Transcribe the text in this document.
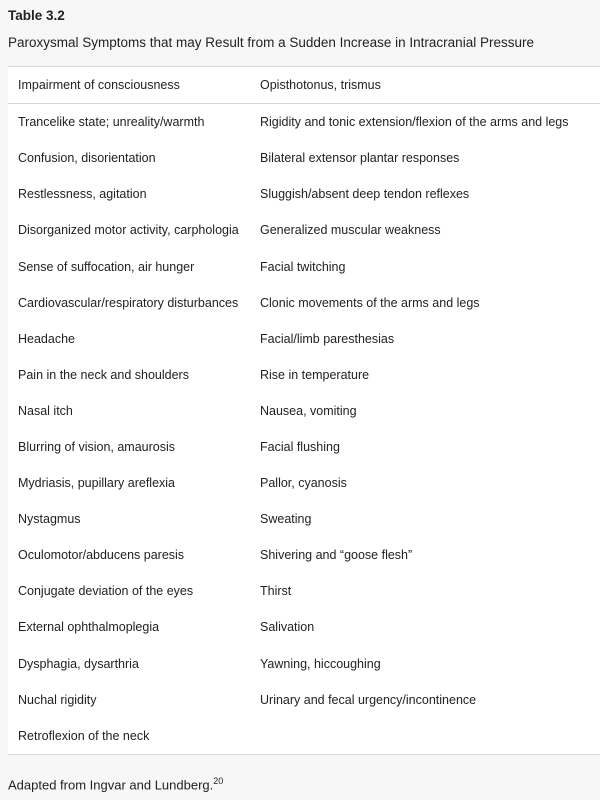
Table 3.2
Paroxysmal Symptoms that may Result from a Sudden Increase in Intracranial Pressure
Impairment of consciousness	Opisthotonus, trismus
Trancelike state; unreality/warmth	Rigidity and tonic extension/flexion of the arms and legs
Confusion, disorientation	Bilateral extensor plantar responses
Restlessness, agitation	Sluggish/absent deep tendon reflexes
Disorganized motor activity, carphologia	Generalized muscular weakness
Sense of suffocation, air hunger	Facial twitching
Cardiovascular/respiratory disturbances	Clonic movements of the arms and legs
Headache	Facial/limb paresthesias
Pain in the neck and shoulders	Rise in temperature
Nasal itch	Nausea, vomiting
Blurring of vision, amaurosis	Facial flushing
Mydriasis, pupillary areflexia	Pallor, cyanosis
Nystagmus	Sweating
Oculomotor/abducens paresis	Shivering and “goose flesh”
Conjugate deviation of the eyes	Thirst
External ophthalmoplegia	Salivation
Dysphagia, dysarthria	Yawning, hiccoughing
Nuchal rigidity	Urinary and fecal urgency/incontinence
Retroflexion of the neck
Adapted from Ingvar and Lundberg.$^{20}$
